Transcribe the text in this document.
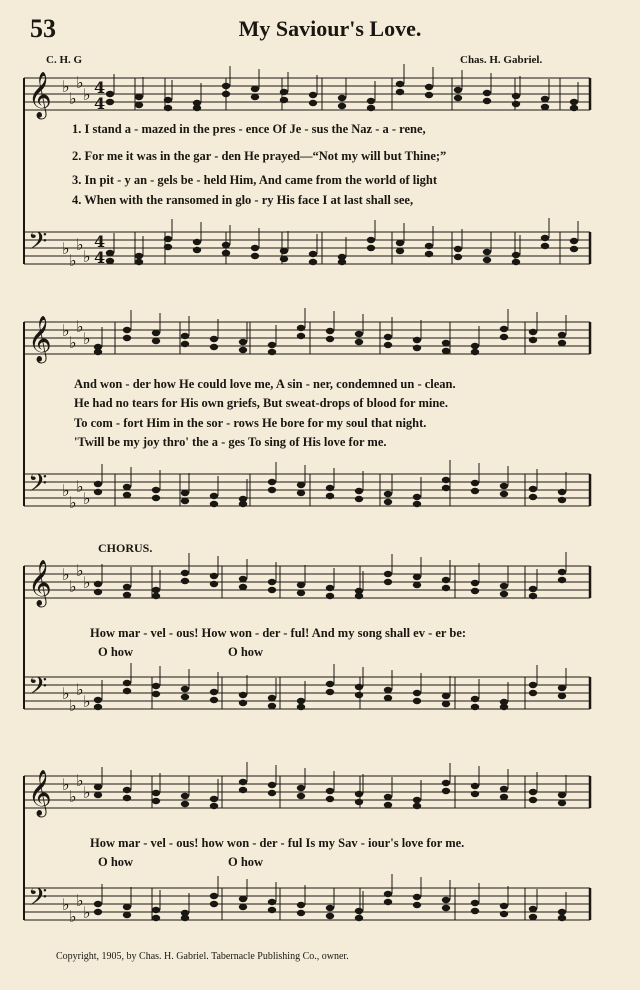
53	My Saviour's Love.
C. H. G	Chas. H. Gabriel.
𝄞 ♭
♭
♭
♭ 4
4
𝄢 ♭
♭
♭
♭
4
4
𝄞 ♭
♭
♭
♭
𝄢 ♭
♭
♭
♭
𝄞 ♭
♭
♭
♭
𝄢 ♭
♭
♭
♭
𝄞 ♭
♭
♭
♭
𝄢 ♭
♭
♭
♭
1. I stand a - mazed in the pres - ence Of Je - sus the Naz - a - rene,
2. For me it was in the gar - den He prayed—“Not my will but Thine;”
3. In pit - y an - gels be - held Him, And came from the world of light
4. When with the ransomed in glo - ry His face I at last shall see,
And won - der how He could love me, A sin - ner, condemned un - clean.
He had no tears for His own griefs, But sweat-drops of blood for mine.
To com - fort Him in the sor - rows He bore for my soul that night.
'Twill be my joy thro' the a - ges To sing of His love for me.
CHORUS.
How mar - vel - ous! How won - der - ful! And my song shall ev - er be:
O how	O how
How mar - vel - ous! how won - der - ful Is my Sav - iour's love for me.
O how	O how
Copyright, 1905, by Chas. H. Gabriel. Tabernacle Publishing Co., owner.
